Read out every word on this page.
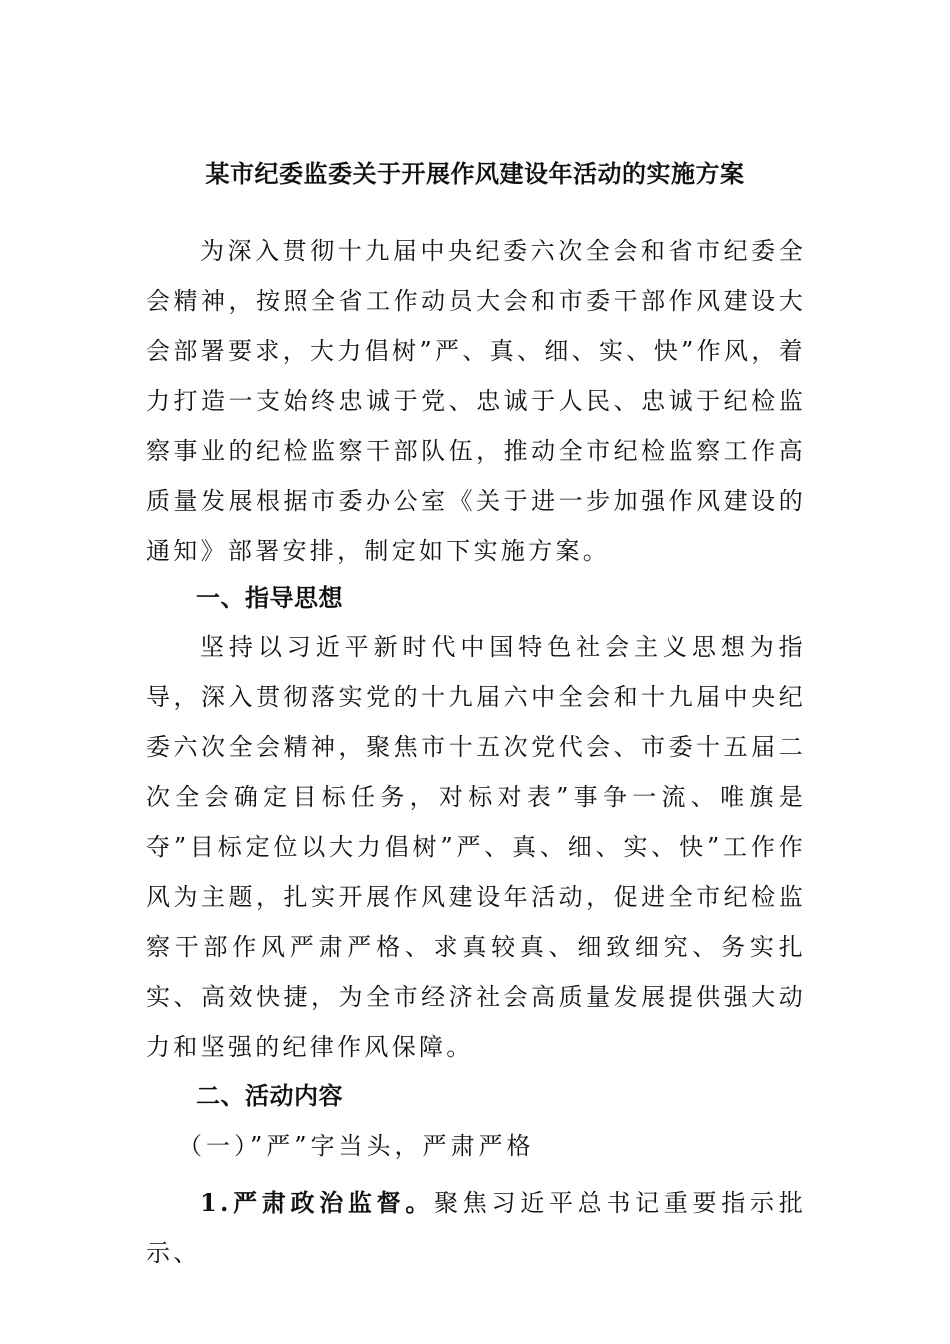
某市纪委监委关于开展作风建设年活动的实施方案

为深入贯彻十九届中央纪委六次全会和省市纪委全会精神，按照全省工作动员大会和市委干部作风建设大会部署要求，大力倡树”严、真、细、实、快”作风，着力打造一支始终忠诚于党、忠诚于人民、忠诚于纪检监察事业的纪检监察干部队伍，推动全市纪检监察工作高质量发展根据市委办公室《关于进一步加强作风建设的通知》部署安排，制定如下实施方案。

一、指导思想

坚持以习近平新时代中国特色社会主义思想为指导，深入贯彻落实党的十九届六中全会和十九届中央纪委六次全会精神，聚焦市十五次党代会、市委十五届二次全会确定目标任务，对标对表”事争一流、唯旗是夺”目标定位以大力倡树”严、真、细、实、快”工作作风为主题，扎实开展作风建设年活动，促进全市纪检监察干部作风严肃严格、求真较真、细致细究、务实扎实、高效快捷，为全市经济社会高质量发展提供强大动力和坚强的纪律作风保障。

二、活动内容

（一）”严”字当头，严肃严格

1.严肃政治监督。聚焦习近平总书记重要指示批示、
